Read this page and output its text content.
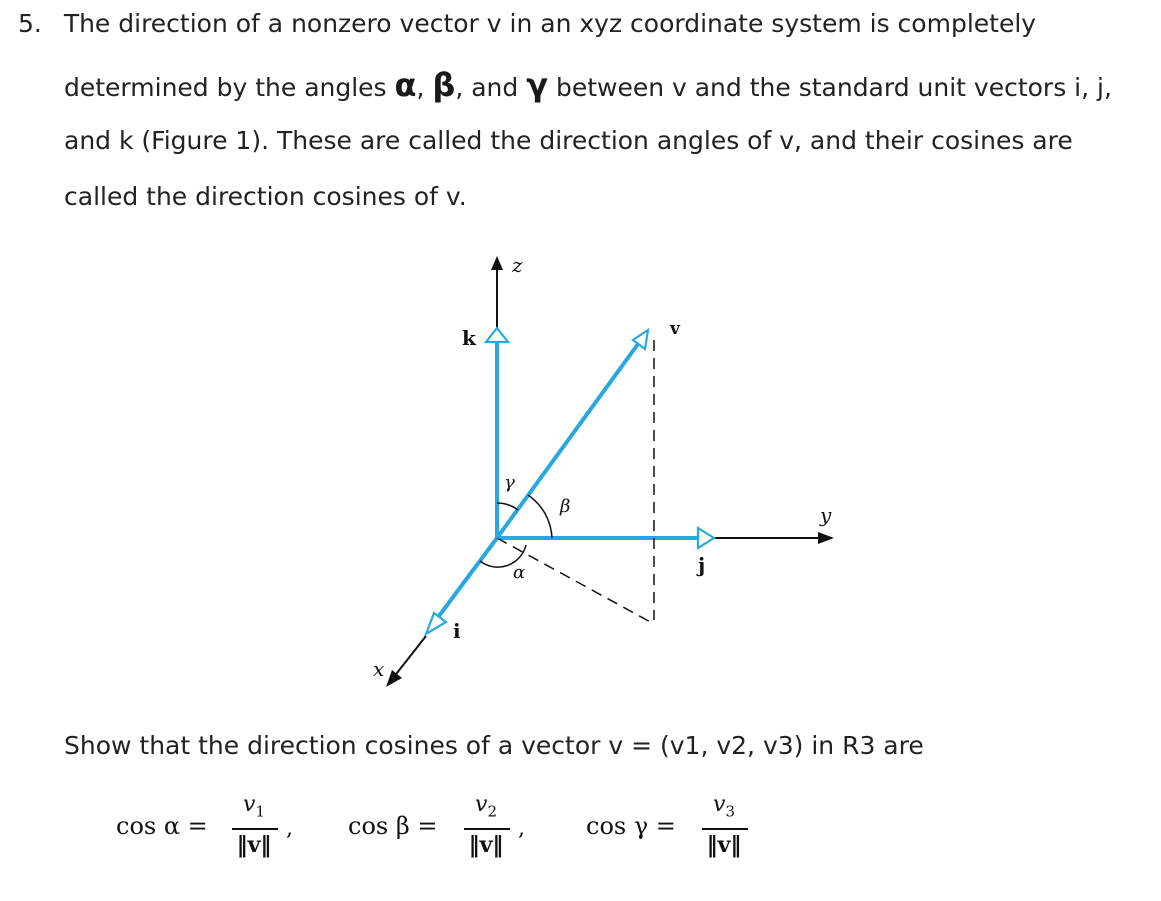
5. The direction of a nonzero vector v in an xyz coordinate system is completely
determined by the angles α, β, and γ between v and the standard unit vectors i, j,
and k (Figure 1). These are called the direction angles of v, and their cosines are
called the direction cosines of v.
z
k
y
j
x
i
v
γ
β
α
Show that the direction cosines of a vector v = (v1, v2, v3) in R3 are
cos α =
$v_1$
‖v‖
, cos β =
$v_2$
‖v‖
,	cos γ =
$v_3$
‖v‖
